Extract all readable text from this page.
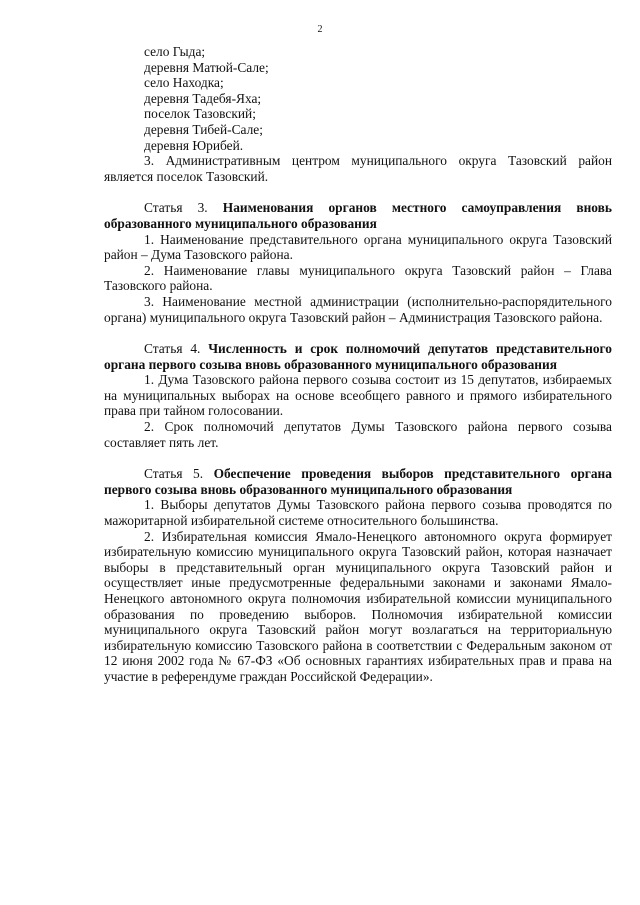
2

село Гыда;

деревня Матюй-Сале;

село Находка;

деревня Тадебя-Яха;

поселок Тазовский;

деревня Тибей-Сале;

деревня Юрибей.

3. Административным центром муниципального округа Тазовский район является поселок Тазовский.

Статья 3. Наименования органов местного самоуправления вновь образованного муниципального образования

1. Наименование представительного органа муниципального округа Тазовский район – Дума Тазовского района.

2. Наименование главы муниципального округа Тазовский район – Глава Тазовского района.

3. Наименование местной администрации (исполнительно-распорядительного органа) муниципального округа Тазовский район – Администрация Тазовского района.

Статья 4. Численность и срок полномочий депутатов представительного органа первого созыва вновь образованного муниципального образования

1. Дума Тазовского района первого созыва состоит из 15 депутатов, избираемых на муниципальных выборах на основе всеобщего равного и прямого избирательного права при тайном голосовании.

2. Срок полномочий депутатов Думы Тазовского района первого созыва составляет пять лет.

Статья 5. Обеспечение проведения выборов представительного органа первого созыва вновь образованного муниципального образования

1. Выборы депутатов Думы Тазовского района первого созыва проводятся по мажоритарной избирательной системе относительного большинства.

2. Избирательная комиссия Ямало-Ненецкого автономного округа формирует избирательную комиссию муниципального округа Тазовский район, которая назначает выборы в представительный орган муниципального округа Тазовский район и осуществляет иные предусмотренные федеральными законами и законами Ямало-Ненецкого автономного округа полномочия избирательной комиссии муниципального образования по проведению выборов. Полномочия избирательной комиссии муниципального округа Тазовский район могут возлагаться на территориальную избирательную комиссию Тазовского района в соответствии с Федеральным законом от 12 июня 2002 года № 67-ФЗ «Об основных гарантиях избирательных прав и права на участие в референдуме граждан Российской Федерации».
